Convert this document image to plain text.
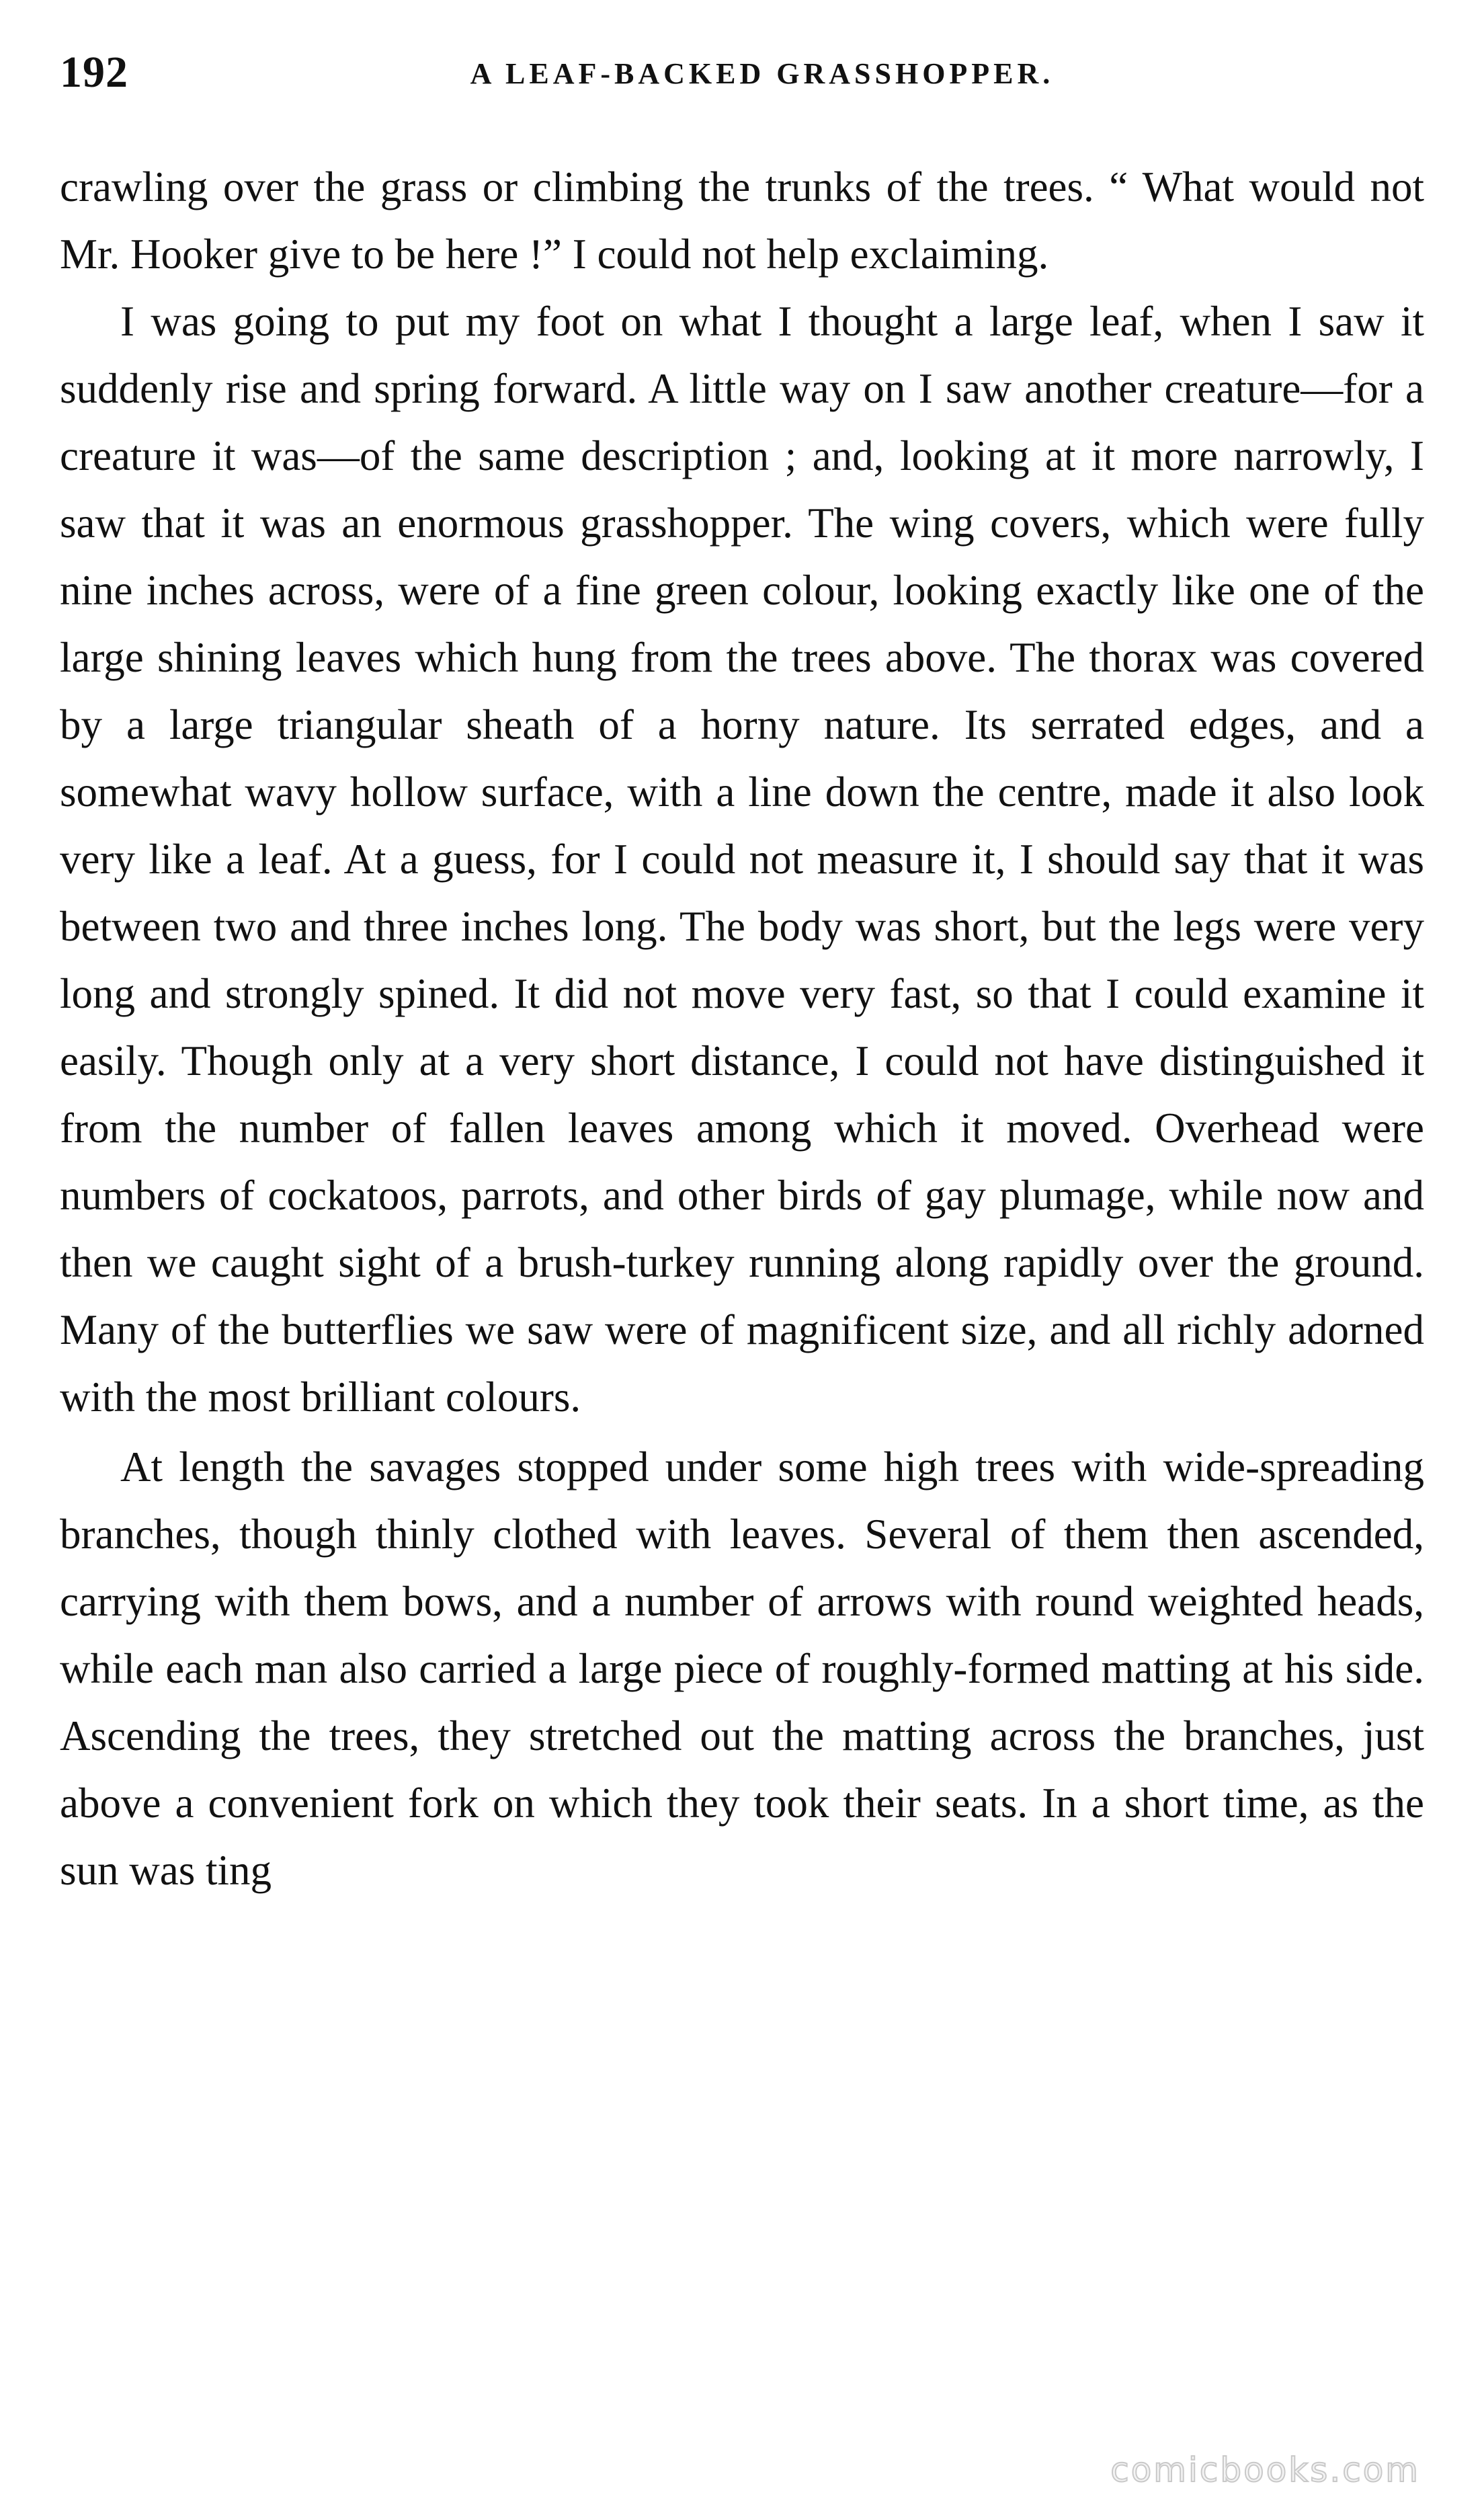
192	A LEAF-BACKED GRASSHOPPER.

crawling over the grass or climbing the trunks of the trees. “ What would not Mr. Hooker give to be here !” I could not help exclaiming.

I was going to put my foot on what I thought a large leaf, when I saw it suddenly rise and spring forward. A little way on I saw another creature—for a creature it was—of the same description ; and, looking at it more narrowly, I saw that it was an enormous grasshopper. The wing covers, which were fully nine inches across, were of a fine green colour, looking exactly like one of the large shining leaves which hung from the trees above. The thorax was covered by a large triangular sheath of a horny nature. Its serrated edges, and a somewhat wavy hollow surface, with a line down the centre, made it also look very like a leaf. At a guess, for I could not measure it, I should say that it was between two and three inches long. The body was short, but the legs were very long and strongly spined. It did not move very fast, so that I could examine it easily. Though only at a very short distance, I could not have distinguished it from the number of fallen leaves among which it moved. Overhead were numbers of cockatoos, parrots, and other birds of gay plumage, while now and then we caught sight of a brush-turkey running along rapidly over the ground. Many of the butterflies we saw were of magnificent size, and all richly adorned with the most brilliant colours.

At length the savages stopped under some high trees with wide-spreading branches, though thinly clothed with leaves. Several of them then ascended, carrying with them bows, and a number of arrows with round weighted heads, while each man also carried a large piece of roughly-formed matting at his side. Ascending the trees, they stretched out the matting across the branches, just above a convenient fork on which they took their seats. In a short time, as the sun was ting

comicbooks.com
